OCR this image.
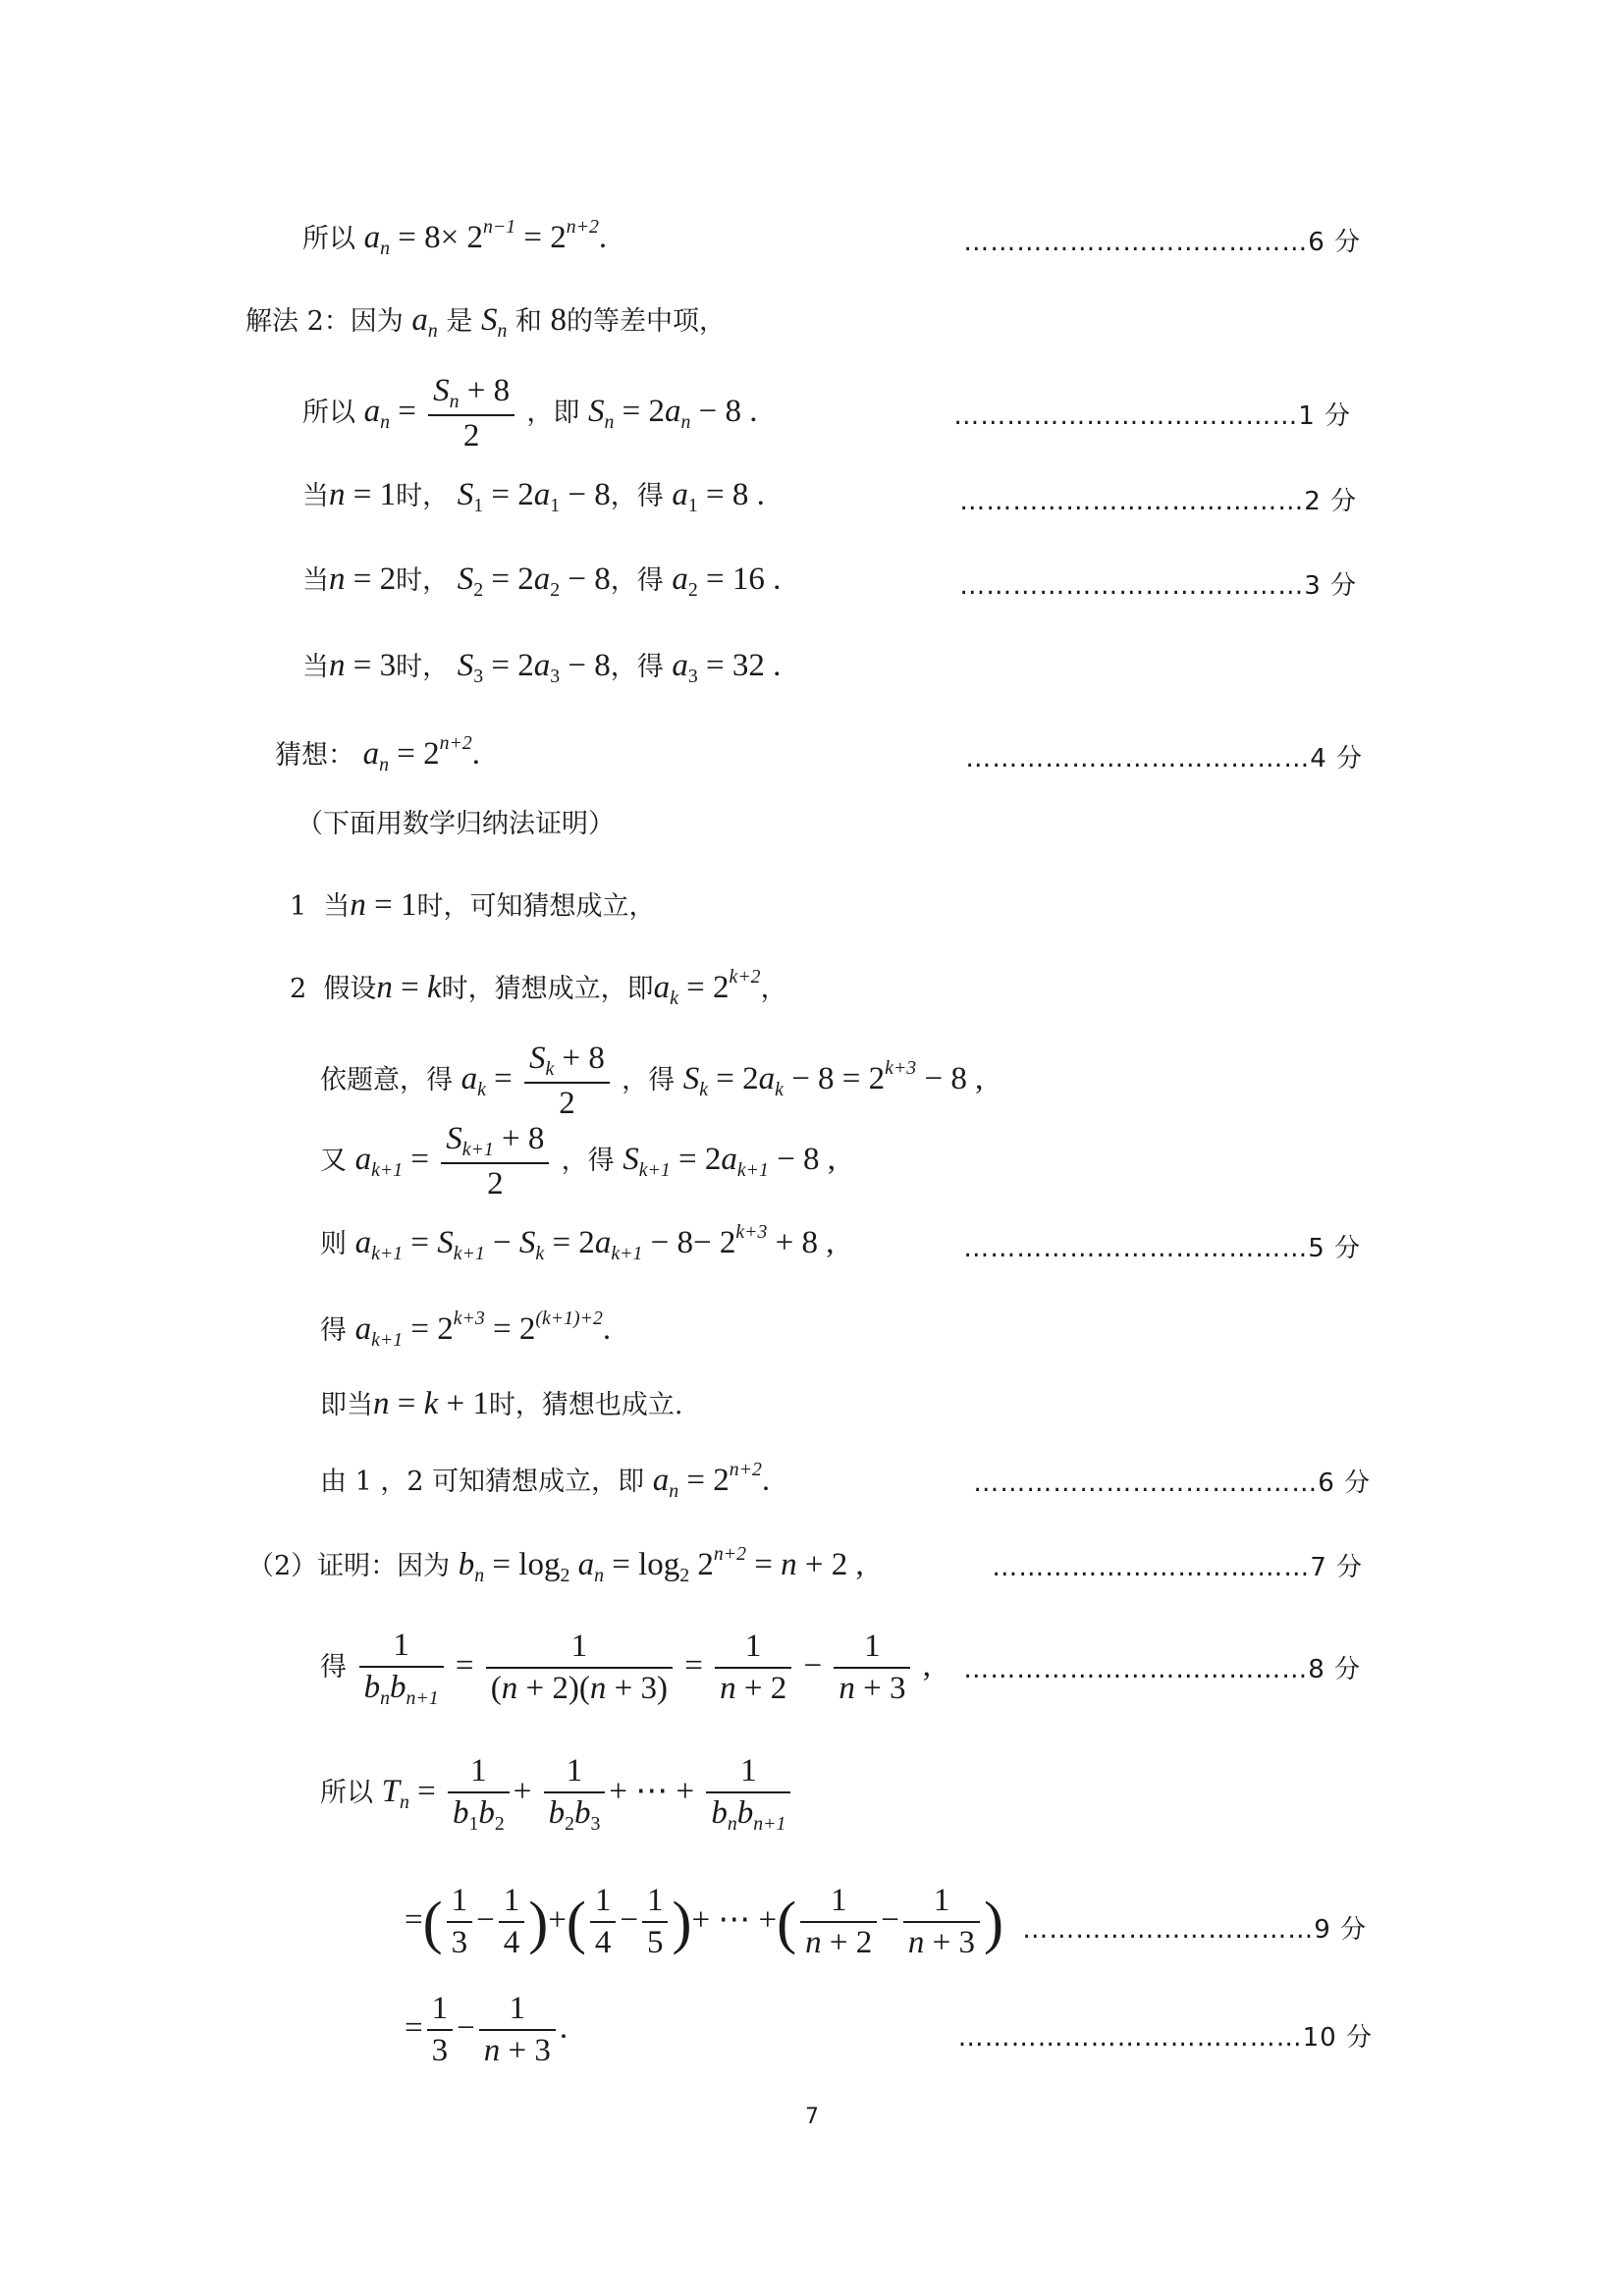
所以 $a_n = 8\times 2^{n-1} = 2^{n+2}$.	…………………………………6 分
解法 2：因为 $a_n$ 是 $S_n$ 和 8的等差中项，
所以 $a_n = \frac{S_n + 8}{2}$ ，即 $S_n = 2a_n - 8$ .	…………………………………1 分
当n = 1时， $S_1 = 2a_1 - 8$，得 $a_1 = 8$ .	…………………………………2 分
当n = 2时， $S_2 = 2a_2 - 8$，得 $a_2 = 16$ .	…………………………………3 分
当n = 3时， $S_3 = 2a_3 - 8$，得 $a_3 = 32$ .
猜想： $a_n = 2^{n+2}$.	…………………………………4 分
（下面用数学归纳法证明）
1 当n = 1时，可知猜想成立，
2 假设n = k时，猜想成立，即$a_k = 2^{k+2}$，
依题意，得 $a_k = \frac{S_k + 8}{2}$ ，得 $S_k = 2a_k - 8 = 2^{k+3} - 8$ ,
又 $a_{k+1} = \frac{S_{k+1} + 8}{2}$ ，得 $S_{k+1} = 2a_{k+1} - 8$ ,
则 $a_{k+1} = S_{k+1} - S_k = 2a_{k+1} - 8- 2^{k+3} + 8$ ,	…………………………………5 分
得 $a_{k+1} = 2^{k+3} = 2^{(k+1)+2}$.
即当n = k + 1时，猜想也成立.
由 1 ，2 可知猜想成立，即 $a_n = 2^{n+2}$.	…………………………………6 分
（2）证明：因为 $b_n = \log_2 a_n = \log_2 2^{n+2} = n + 2$ ,	………………………………7 分
得 $\frac{1}{b_nb_{n+1}} = \frac{1}{(n + 2)(n + 3)} = \frac{1}{n + 2} - \frac{1}{n + 3}$ , …………………………………8 分
所以 $T_n = \frac{1}{b_1b_2} + \frac{1}{b_2b_3}$ + ⋯ + $\frac{1}{b_nb_{n+1}}$
=( $\frac{1}{3} - \frac{1}{4}$ )+( $\frac{1}{4} - \frac{1}{5}$ )+ ⋯ +( $\frac{1}{n + 2} - \frac{1}{n + 3}$ ) ……………………………9 分
= $\frac{1}{3} - \frac{1}{n + 3}$ .	…………………………………10 分
7
